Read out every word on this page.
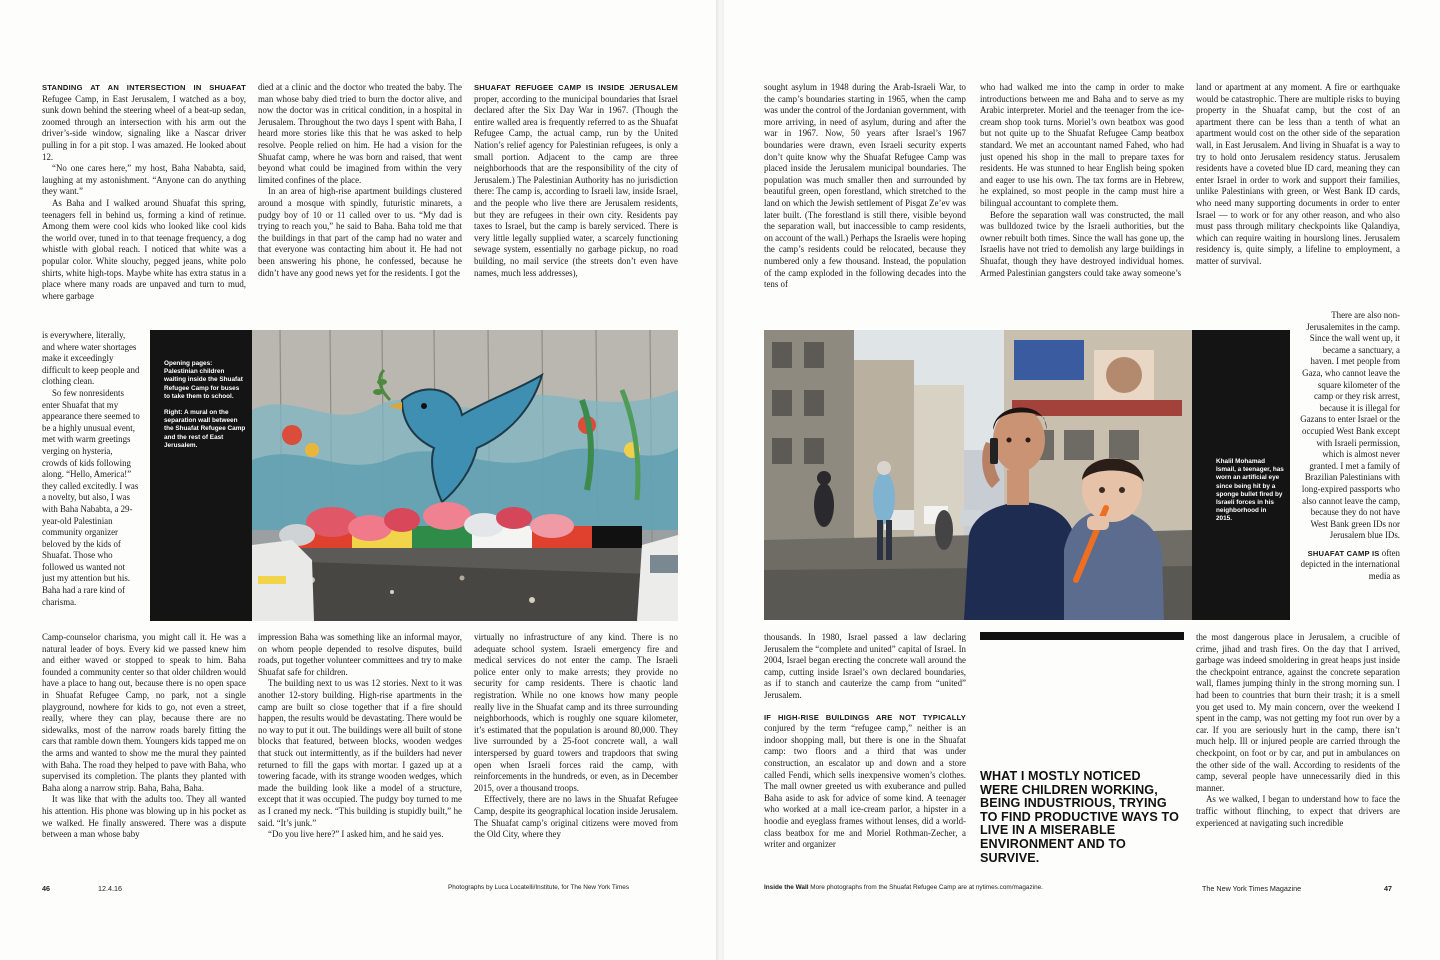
STANDING AT AN INTERSECTION IN SHUAFAT Refugee Camp, in East Jerusalem, I watched as a boy, sunk down behind the steering wheel of a beat-up sedan, zoomed through an intersection with his arm out the driver’s-side window, signaling like a Nascar driver pulling in for a pit stop. I was amazed. He looked about 12.

“No one cares here,” my host, Baha Nababta, said, laughing at my astonishment. “Anyone can do anything they want.”

As Baha and I walked around Shuafat this spring, teenagers fell in behind us, forming a kind of retinue. Among them were cool kids who looked like cool kids the world over, tuned in to that teenage frequency, a dog whistle with global reach. I noticed that white was a popular color. White slouchy, pegged jeans, white polo shirts, white high-tops. Maybe white has extra status in a place where many roads are unpaved and turn to mud, where garbage

is everywhere, literally, and where water shortages make it exceedingly difficult to keep people and clothing clean.

So few nonresidents enter Shuafat that my appearance there seemed to be a highly unusual event, met with warm greetings verging on hysteria, crowds of kids following along. “Hello, America!” they called excitedly. I was a novelty, but also, I was with Baha Nababta, a 29-year-old Palestinian community organizer beloved by the kids of Shuafat. Those who followed us wanted not just my attention but his. Baha had a rare kind of charisma.

Opening pages: Palestinian children waiting inside the Shuafat Refugee Camp for buses to take them to school.

Right: A mural on the separation wall between the Shuafat Refugee Camp and the rest of East Jerusalem.

Camp-counselor charisma, you might call it. He was a natural leader of boys. Every kid we passed knew him and either waved or stopped to speak to him. Baha founded a community center so that older children would have a place to hang out, because there is no open space in Shuafat Refugee Camp, no park, not a single playground, nowhere for kids to go, not even a street, really, where they can play, because there are no sidewalks, most of the narrow roads barely fitting the cars that ramble down them. Youngers kids tapped me on the arms and wanted to show me the mural they painted with Baha. The road they helped to pave with Baha, who supervised its completion. The plants they planted with Baha along a narrow strip. Baha, Baha, Baha.

It was like that with the adults too. They all wanted his attention. His phone was blowing up in his pocket as we walked. He finally answered. There was a dispute between a man whose baby

died at a clinic and the doctor who treated the baby. The man whose baby died tried to burn the doctor alive, and now the doctor was in critical condition, in a hospital in Jerusalem. Throughout the two days I spent with Baha, I heard more stories like this that he was asked to help resolve. People relied on him. He had a vision for the Shuafat camp, where he was born and raised, that went beyond what could be imagined from within the very limited confines of the place.

In an area of high-rise apartment buildings clustered around a mosque with spindly, futuristic minarets, a pudgy boy of 10 or 11 called over to us. “My dad is trying to reach you,” he said to Baha. Baha told me that the buildings in that part of the camp had no water and that everyone was contacting him about it. He had not been answering his phone, he confessed, because he didn’t have any good news yet for the residents. I got the

SHUAFAT REFUGEE CAMP IS INSIDE JERUSALEM proper, according to the municipal boundaries that Israel declared after the Six Day War in 1967. (Though the entire walled area is frequently referred to as the Shuafat Refugee Camp, the actual camp, run by the United Nation’s relief agency for Palestinian refugees, is only a small portion. Adjacent to the camp are three neighborhoods that are the responsibility of the city of Jerusalem.) The Palestinian Authority has no jurisdiction there: The camp is, according to Israeli law, inside Israel, and the people who live there are Jerusalem residents, but they are refugees in their own city. Residents pay taxes to Israel, but the camp is barely serviced. There is very little legally supplied water, a scarcely functioning sewage system, essentially no garbage pickup, no road building, no mail service (the streets don’t even have names, much less addresses),

impression Baha was something like an informal mayor, on whom people depended to resolve disputes, build roads, put together volunteer committees and try to make Shuafat safe for children.

The building next to us was 12 stories. Next to it was another 12-story building. High-rise apartments in the camp are built so close together that if a fire should happen, the results would be devastating. There would be no way to put it out. The buildings were all built of stone blocks that featured, between blocks, wooden wedges that stuck out intermittently, as if the builders had never returned to fill the gaps with mortar. I gazed up at a towering facade, with its strange wooden wedges, which made the building look like a model of a structure, except that it was occupied. The pudgy boy turned to me as I craned my neck. “This building is stupidly built,” he said. “It’s junk.”

“Do you live here?” I asked him, and he said yes.

virtually no infrastructure of any kind. There is no adequate school system. Israeli emergency fire and medical services do not enter the camp. The Israeli police enter only to make arrests; they provide no security for camp residents. There is chaotic land registration. While no one knows how many people really live in the Shuafat camp and its three surrounding neighborhoods, which is roughly one square kilometer, it’s estimated that the population is around 80,000. They live surrounded by a 25-foot concrete wall, a wall interspersed by guard towers and trapdoors that swing open when Israeli forces raid the camp, with reinforcements in the hundreds, or even, as in December 2015, over a thousand troops.

Effectively, there are no laws in the Shuafat Refugee Camp, despite its geographical location inside Jerusalem. The Shuafat camp’s original citizens were moved from the Old City, where they

46	12.4.16	Photographs by Luca Locatelli/Institute, for The New York Times

sought asylum in 1948 during the Arab-Israeli War, to the camp’s boundaries starting in 1965, when the camp was under the control of the Jordanian government, with more arriving, in need of asylum, during and after the war in 1967. Now, 50 years after Israel’s 1967 boundaries were drawn, even Israeli security experts don’t quite know why the Shuafat Refugee Camp was placed inside the Jerusalem municipal boundaries. The population was much smaller then and surrounded by beautiful green, open forestland, which stretched to the land on which the Jewish settlement of Pisgat Ze’ev was later built. (The forestland is still there, visible beyond the separation wall, but inaccessible to camp residents, on account of the wall.) Perhaps the Israelis were hoping the camp’s residents could be relocated, because they numbered only a few thousand. Instead, the population of the camp exploded in the following decades into the tens of

who had walked me into the camp in order to make introductions between me and Baha and to serve as my Arabic interpreter. Moriel and the teenager from the ice-cream shop took turns. Moriel’s own beatbox was good but not quite up to the Shuafat Refugee Camp beatbox standard. We met an accountant named Fahed, who had just opened his shop in the mall to prepare taxes for residents. He was stunned to hear English being spoken and eager to use his own. The tax forms are in Hebrew, he explained, so most people in the camp must hire a bilingual accountant to complete them.

Before the separation wall was constructed, the mall was bulldozed twice by the Israeli authorities, but the owner rebuilt both times. Since the wall has gone up, the Israelis have not tried to demolish any large buildings in Shuafat, though they have destroyed individual homes. Armed Palestinian gangsters could take away someone’s

land or apartment at any moment. A fire or earthquake would be catastrophic. There are multiple risks to buying property in the Shuafat camp, but the cost of an apartment there can be less than a tenth of what an apartment would cost on the other side of the separation wall, in East Jerusalem. And living in Shuafat is a way to try to hold onto Jerusalem residency status. Jerusalem residents have a coveted blue ID card, meaning they can enter Israel in order to work and support their families, unlike Palestinians with green, or West Bank ID cards, who need many supporting documents in order to enter Israel — to work or for any other reason, and who also must pass through military checkpoints like Qalandiya, which can require waiting in hourslong lines. Jerusalem residency is, quite simply, a lifeline to employment, a matter of survival.

Khalil Mohamad Ismail, a teenager, has worn an artificial eye since being hit by a sponge bullet fired by Israeli forces in his neighborhood in 2015.

There are also non-Jerusalemites in the camp. Since the wall went up, it became a sanctuary, a haven. I met people from Gaza, who cannot leave the square kilometer of the camp or they risk arrest, because it is illegal for Gazans to enter Israel or the occupied West Bank except with Israeli permission, which is almost never granted. I met a family of Brazilian Palestinians with long-expired passports who also cannot leave the camp, because they do not have West Bank green IDs nor Jerusalem blue IDs.

SHUAFAT CAMP IS often depicted in the international media as

thousands. In 1980, Israel passed a law declaring Jerusalem the “complete and united” capital of Israel. In 2004, Israel began erecting the concrete wall around the camp, cutting inside Israel’s own declared boundaries, as if to stanch and cauterize the camp from “united” Jerusalem.

IF HIGH-RISE BUILDINGS ARE NOT TYPICALLY conjured by the term “refugee camp,” neither is an indoor shopping mall, but there is one in the Shuafat camp: two floors and a third that was under construction, an escalator up and down and a store called Fendi, which sells inexpensive women’s clothes. The mall owner greeted us with exuberance and pulled Baha aside to ask for advice of some kind. A teenager who worked at a mall ice-cream parlor, a hipster in a hoodie and eyeglass frames without lenses, did a world-class beatbox for me and Moriel Rothman-Zecher, a writer and organizer

WHAT I MOSTLY NOTICED WERE CHILDREN WORKING, BEING INDUSTRIOUS, TRYING TO FIND PRODUCTIVE WAYS TO LIVE IN A MISERABLE ENVIRONMENT AND TO SURVIVE.

the most dangerous place in Jerusalem, a crucible of crime, jihad and trash fires. On the day that I arrived, garbage was indeed smoldering in great heaps just inside the checkpoint entrance, against the concrete separation wall, flames jumping thinly in the strong morning sun. I had been to countries that burn their trash; it is a smell you get used to. My main concern, over the weekend I spent in the camp, was not getting my foot run over by a car. If you are seriously hurt in the camp, there isn’t much help. Ill or injured people are carried through the checkpoint, on foot or by car, and put in ambulances on the other side of the wall. According to residents of the camp, several people have unnecessarily died in this manner.

As we walked, I began to understand how to face the traffic without flinching, to expect that drivers are experienced at navigating such incredible

Inside the Wall More photographs from the Shuafat Refugee Camp are at nytimes.com/magazine.	The New York Times Magazine	47
